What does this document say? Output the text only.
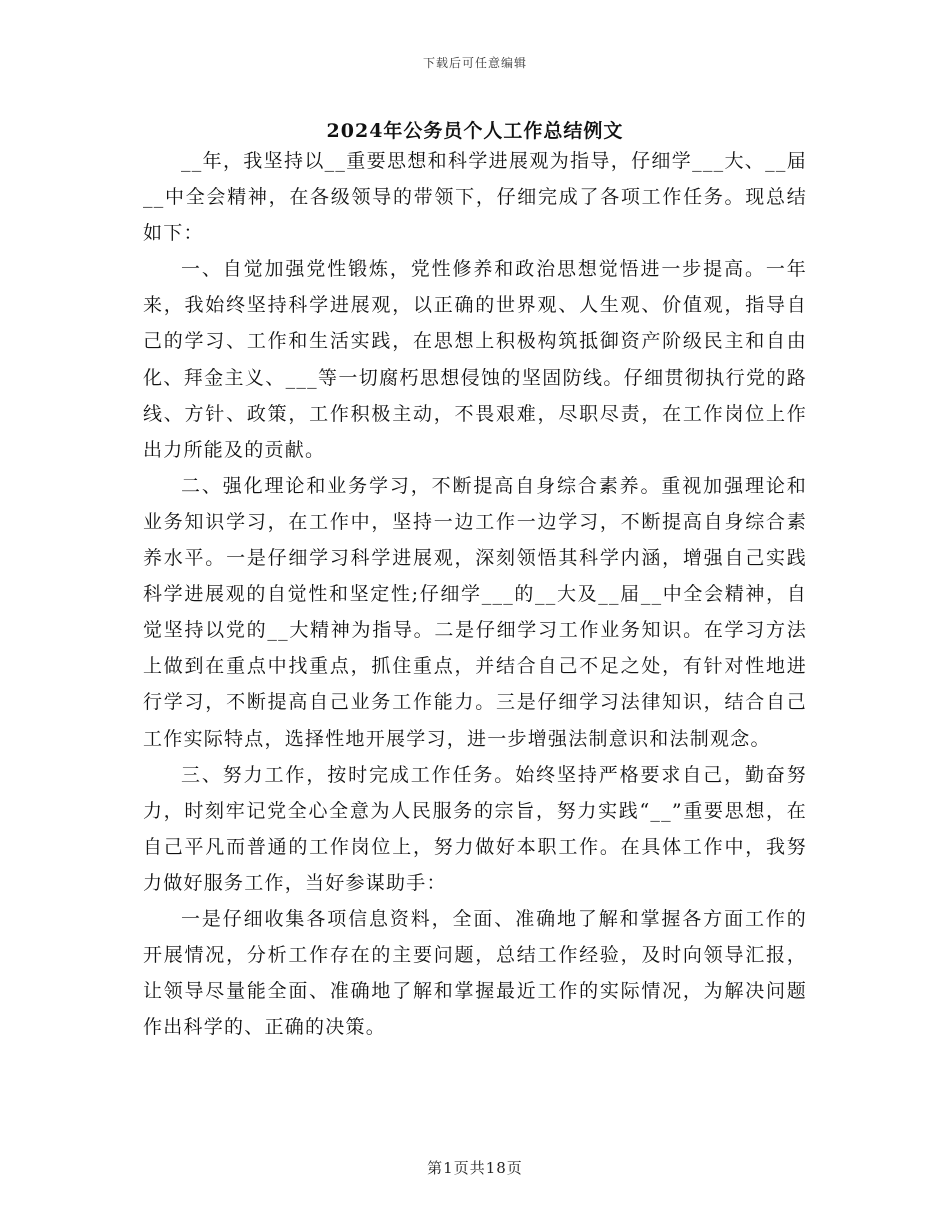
下载后可任意编辑
2024年公务员个人工作总结例文

__年，我坚持以__重要思想和科学进展观为指导，仔细学___大、__届__中全会精神，在各级领导的带领下，仔细完成了各项工作任务。现总结如下：

一、自觉加强党性锻炼，党性修养和政治思想觉悟进一步提高。一年来，我始终坚持科学进展观，以正确的世界观、人生观、价值观，指导自己的学习、工作和生活实践，在思想上积极构筑抵御资产阶级民主和自由化、拜金主义、___等一切腐朽思想侵蚀的坚固防线。仔细贯彻执行党的路线、方针、政策，工作积极主动，不畏艰难，尽职尽责，在工作岗位上作出力所能及的贡献。

二、强化理论和业务学习，不断提高自身综合素养。重视加强理论和业务知识学习，在工作中，坚持一边工作一边学习，不断提高自身综合素养水平。一是仔细学习科学进展观，深刻领悟其科学内涵，增强自己实践科学进展观的自觉性和坚定性;仔细学___的__大及__届__中全会精神，自觉坚持以党的__大精神为指导。二是仔细学习工作业务知识。在学习方法上做到在重点中找重点，抓住重点，并结合自己不足之处，有针对性地进行学习，不断提高自己业务工作能力。三是仔细学习法律知识，结合自己工作实际特点，选择性地开展学习，进一步增强法制意识和法制观念。

三、努力工作，按时完成工作任务。始终坚持严格要求自己，勤奋努力，时刻牢记党全心全意为人民服务的宗旨，努力实践“__”重要思想，在自己平凡而普通的工作岗位上，努力做好本职工作。在具体工作中，我努力做好服务工作，当好参谋助手：

一是仔细收集各项信息资料，全面、准确地了解和掌握各方面工作的开展情况，分析工作存在的主要问题，总结工作经验，及时向领导汇报，让领导尽量能全面、准确地了解和掌握最近工作的实际情况，为解决问题作出科学的、正确的决策。

第1页共18页
